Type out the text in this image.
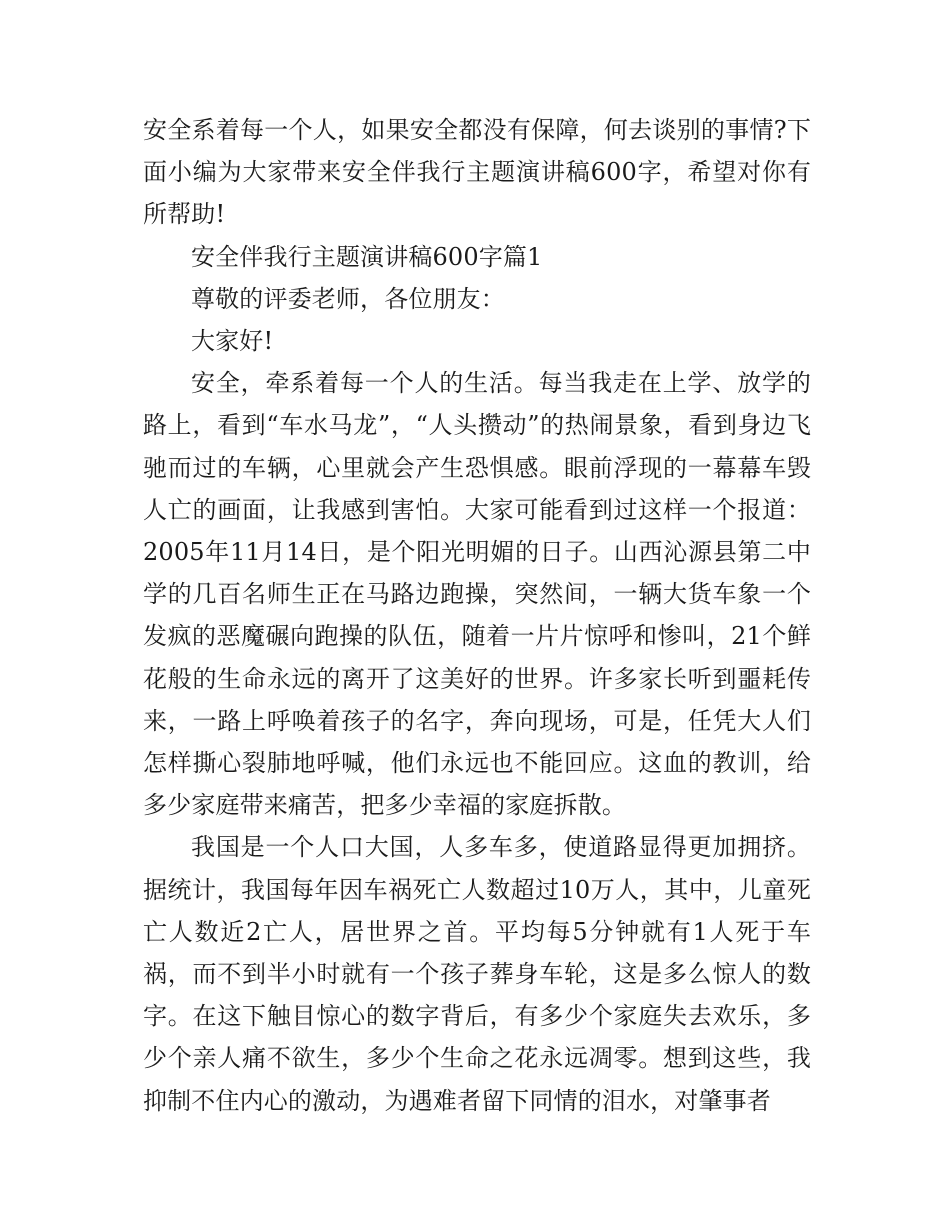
安全系着每一个人，如果安全都没有保障，何去谈别的事情?下面小编为大家带来安全伴我行主题演讲稿600字，希望对你有所帮助!

安全伴我行主题演讲稿600字篇1

尊敬的评委老师，各位朋友：

大家好!

安全，牵系着每一个人的生活。每当我走在上学、放学的路上，看到“车水马龙”，“人头攒动”的热闹景象，看到身边飞驰而过的车辆，心里就会产生恐惧感。眼前浮现的一幕幕车毁人亡的画面，让我感到害怕。大家可能看到过这样一个报道：2005年11月14日，是个阳光明媚的日子。山西沁源县第二中学的几百名师生正在马路边跑操，突然间，一辆大货车象一个发疯的恶魔碾向跑操的队伍，随着一片片惊呼和惨叫，21个鲜花般的生命永远的离开了这美好的世界。许多家长听到噩耗传来，一路上呼唤着孩子的名字，奔向现场，可是，任凭大人们怎样撕心裂肺地呼喊，他们永远也不能回应。这血的教训，给多少家庭带来痛苦，把多少幸福的家庭拆散。

我国是一个人口大国，人多车多，使道路显得更加拥挤。据统计，我国每年因车祸死亡人数超过10万人，其中，儿童死亡人数近2亡人，居世界之首。平均每5分钟就有1人死于车祸，而不到半小时就有一个孩子葬身车轮，这是多么惊人的数字。在这下触目惊心的数字背后，有多少个家庭失去欢乐，多少个亲人痛不欲生，多少个生命之花永远凋零。想到这些，我抑制不住内心的激动，为遇难者留下同情的泪水，对肇事者
